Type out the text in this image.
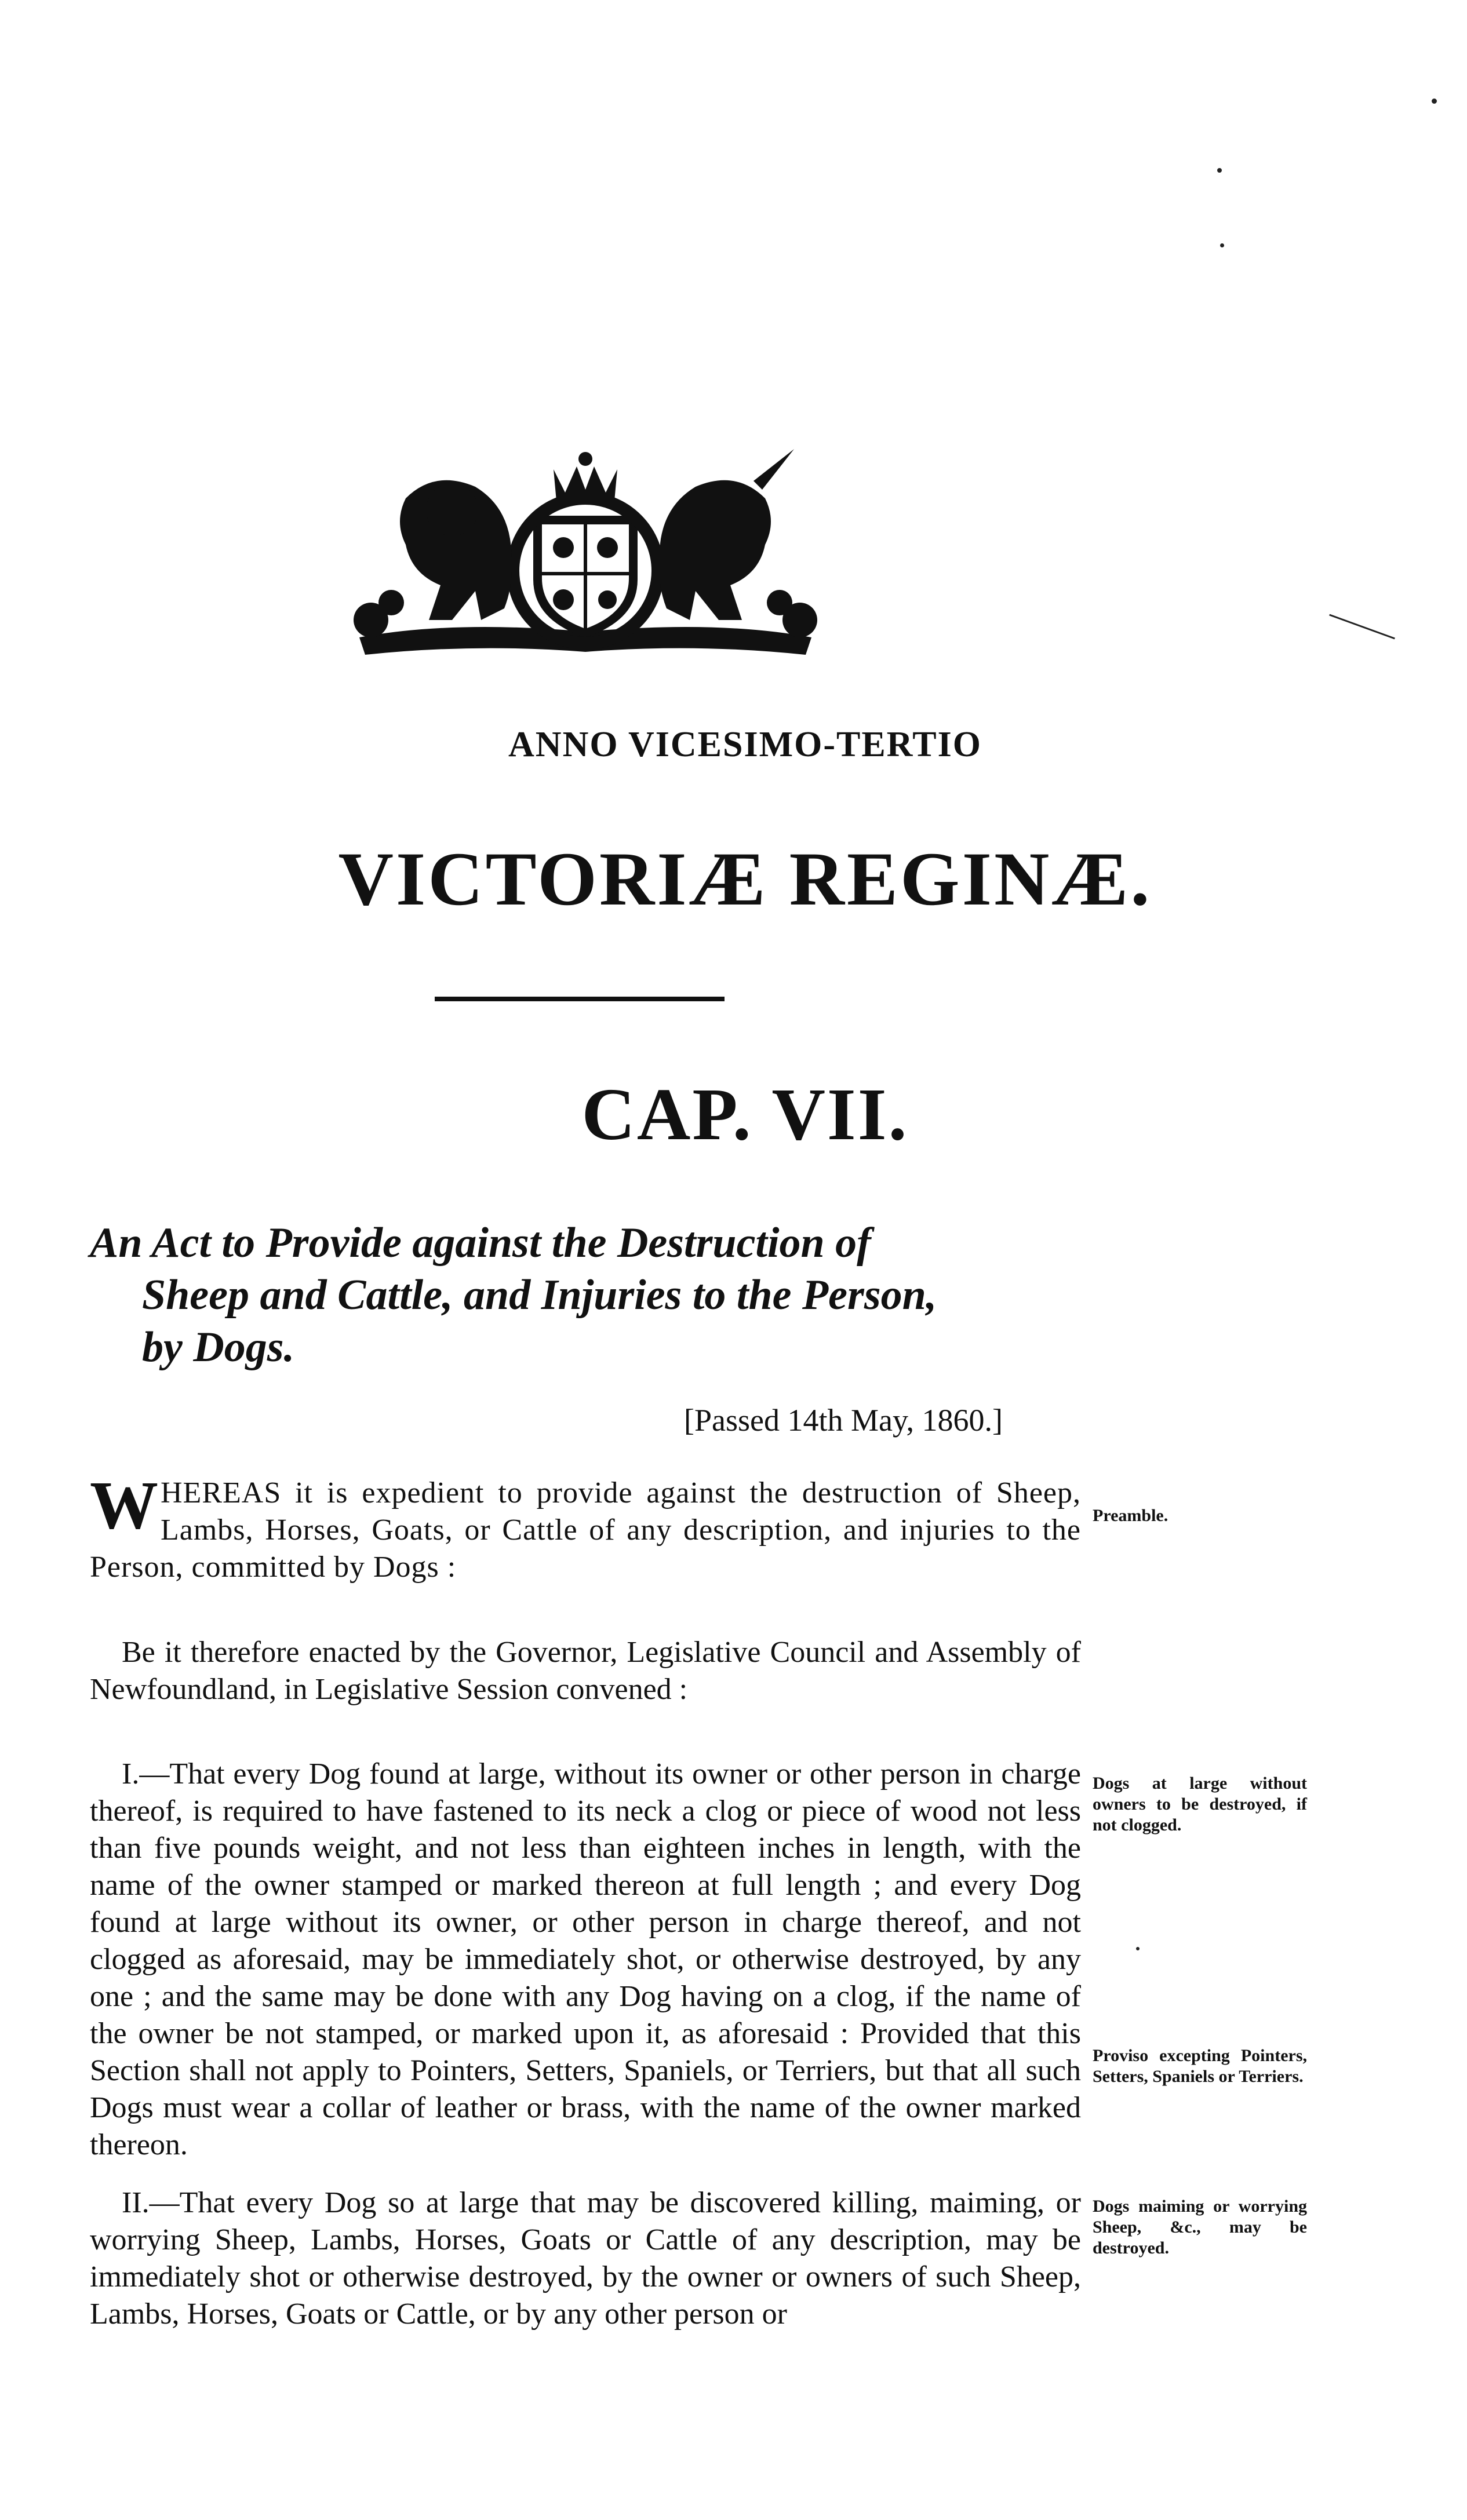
ANNO VICESIMO-TERTIO
VICTORIÆ REGINÆ.
CAP. VII.
An Act to Provide against the Destruction of
Sheep and Cattle, and Injuries to the Person,
by Dogs.
[Passed 14th May, 1860.]
W HEREAS it is expedient to provide against the destruction of Sheep, Lambs, Horses, Goats, or Cattle of any description, and injuries to the Person, committed by Dogs :
Be it therefore enacted by the Governor, Legislative Council and Assembly of Newfoundland, in Legislative Session convened :
I.—That every Dog found at large, without its owner or other person in charge thereof, is required to have fastened to its neck a clog or piece of wood not less than five pounds weight, and not less than eighteen inches in length, with the name of the owner stamped or marked thereon at full length ; and every Dog found at large without its owner, or other person in charge thereof, and not clogged as aforesaid, may be immediately shot, or otherwise destroyed, by any one ; and the same may be done with any Dog having on a clog, if the name of the owner be not stamped, or marked upon it, as aforesaid : Provided that this Section shall not apply to Pointers, Setters, Spaniels, or Terriers, but that all such Dogs must wear a collar of leather or brass, with the name of the owner marked thereon.
II.—That every Dog so at large that may be discovered killing, maiming, or worrying Sheep, Lambs, Horses, Goats or Cattle of any description, may be immediately shot or otherwise destroyed, by the owner or owners of such Sheep, Lambs, Horses, Goats or Cattle, or by any other person or
Preamble.
Dogs at large without owners to be destroyed, if not clogged.
Proviso excepting Pointers, Setters, Spaniels or Terriers.
Dogs maiming or worrying Sheep, &c., may be destroyed.
